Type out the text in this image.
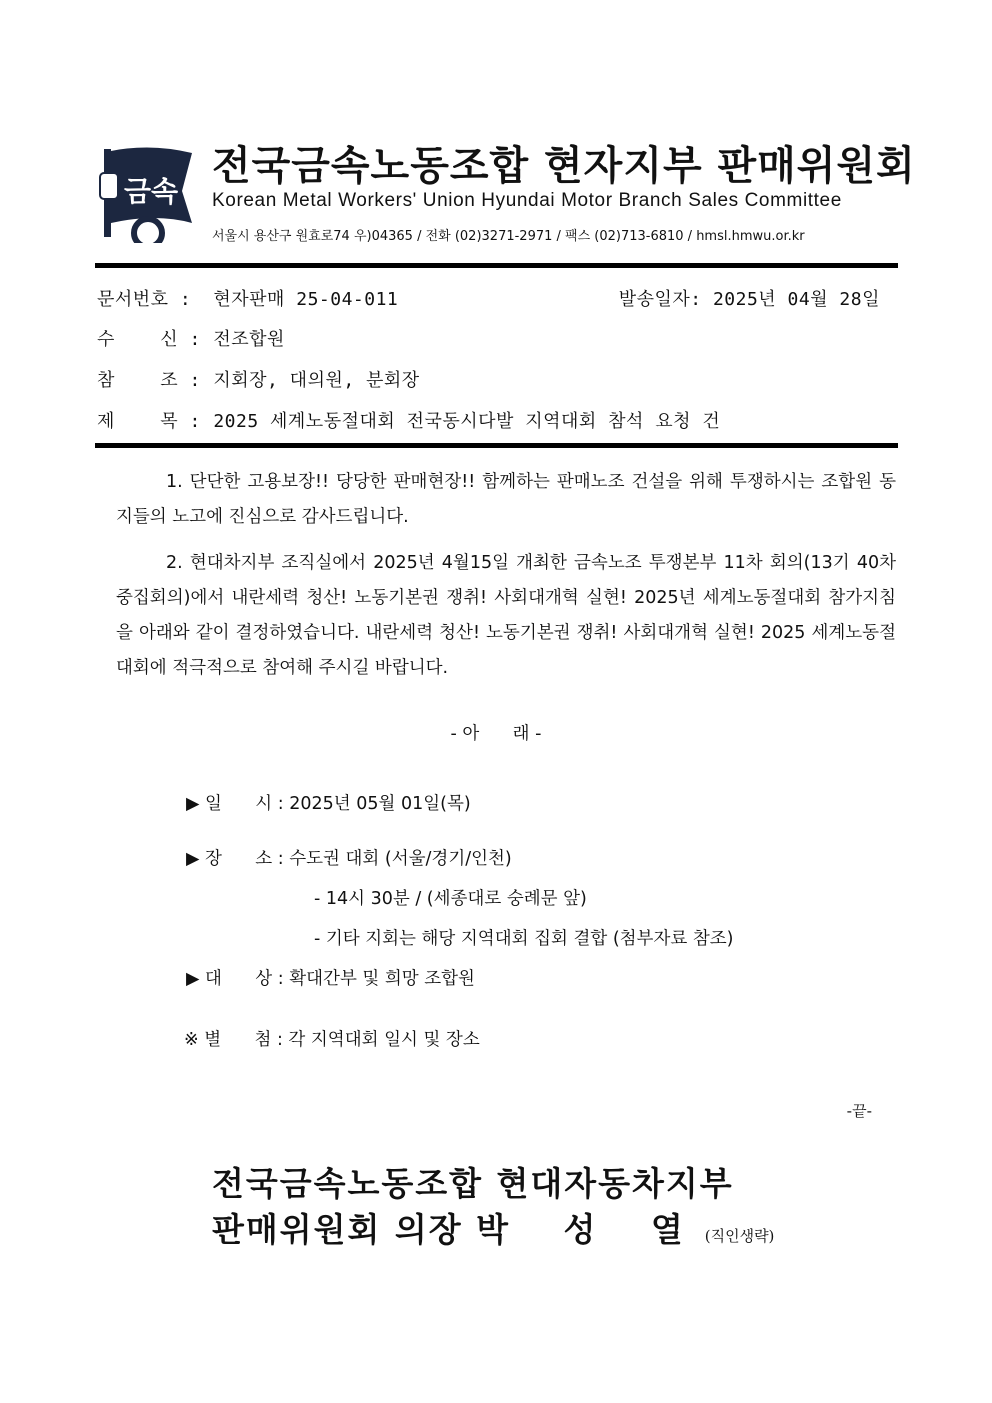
금속
전국금속노동조합 현자지부 판매위원회
Korean Metal Workers' Union Hyundai Motor Branch Sales Committee
서울시 용산구 원효로74 우)04365 / 전화 (02)3271-2971 / 팩스 (02)713-6810 / hmsl.hmwu.or.kr
문서번호 : 현자판매 25-04-011	발송일자: 2025년 04월 28일
수    신 : 전조합원
참    조 : 지회장, 대의원, 분회장
제    목 : 2025 세계노동절대회 전국동시다발 지역대회 참석 요청 건

1. 단단한 고용보장!! 당당한 판매현장!! 함께하는 판매노조 건설을 위해 투쟁하시는 조합원 동지들의 노고에 진심으로 감사드립니다.

2. 현대차지부 조직실에서 2025년 4월15일 개최한 금속노조 투쟁본부 11차 회의(13기 40차 중집회의)에서 내란세력 청산! 노동기본권 쟁취! 사회대개혁 실현! 2025년 세계노동절대회 참가지침을 아래와 같이 결정하였습니다. 내란세력 청산! 노동기본권 쟁취! 사회대개혁 실현! 2025 세계노동절대회에 적극적으로 참여해 주시길 바랍니다.

- 아      래 -
▶ 일      시 : 2025년 05월 01일(목)
▶ 장      소 : 수도권 대회 (서울/경기/인천)
- 14시 30분 / (세종대로 숭례문 앞)
- 기타 지회는 해당 지역대회 집회 결합 (첨부자료 참조)
▶ 대      상 : 확대간부 및 희망 조합원
※ 별      첨 : 각 지역대회 일시 및 장소
-끝-
전국금속노동조합 현대자동차지부
판매위원회 의장 박 성 열(직인생략)
